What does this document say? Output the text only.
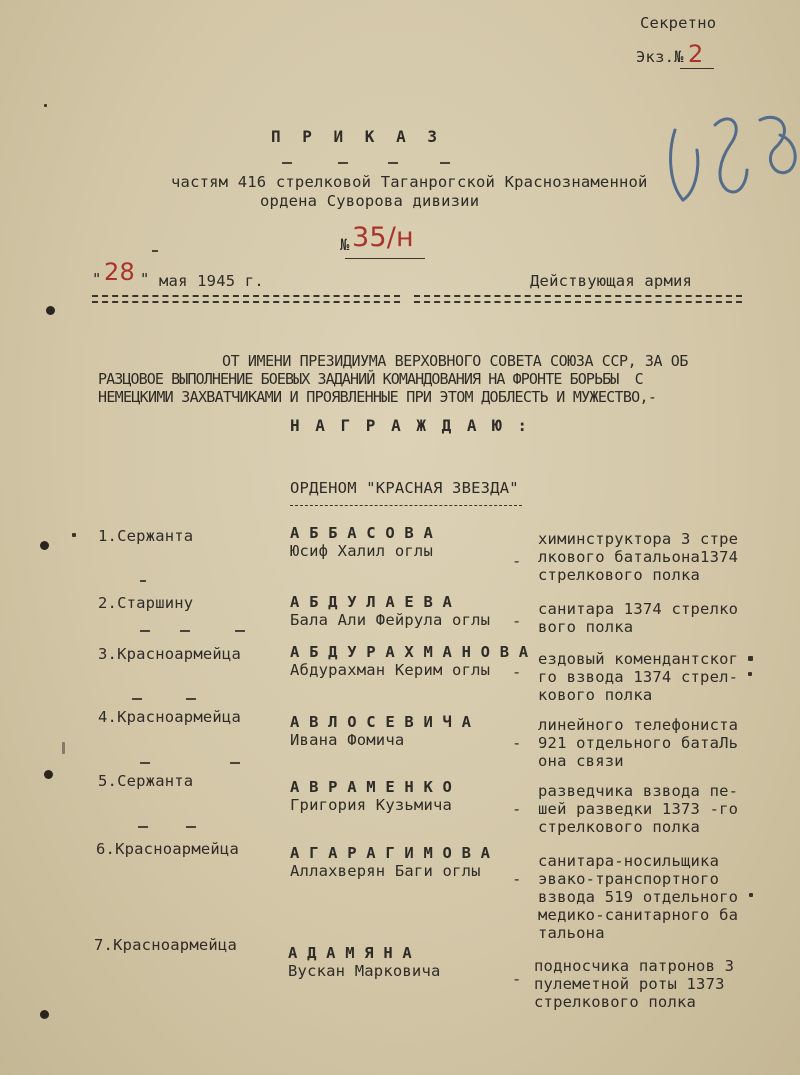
Секретно
Экз.№ 2
328
П Р И К А З
частям 416 стрелковой Таганрогской Краснознаменной
ордена Суворова дивизии
№ 35/н
" 28 " мая 1945 г.	Действующая армия
ОТ ИМЕНИ ПРЕЗИДИУМА ВЕРХОВНОГО СОВЕТА СОЮЗА ССР, ЗА ОБ
РАЗЦОВОЕ ВЫПОЛНЕНИЕ БОЕВЫХ ЗАДАНИЙ КОМАНДОВАНИЯ НА ФРОНТЕ БОРЬБЫ  С
НЕМЕЦКИМИ ЗАХВАТЧИКАМИ И ПРОЯВЛЕННЫЕ ПРИ ЭТОМ ДОБЛЕСТЬ И МУЖЕСТВО,-
Н А Г Р А Ж Д А Ю :
ОРДЕНОМ "КРАСНАЯ ЗВЕЗДА"
1.Сержанта	А Б Б А С О В А
Юсиф Халил оглы
-
химинструктора 3 стре
лкового батальона1374
стрелкового полка
2.Старшину	А Б Д У Л А Е В А
Бала Али Фейрула оглы -
санитара 1374 стрелко
вого полка
3.Красноармейца	А Б Д У Р А Х М А Н О В А
Абдурахман Керим оглы -
ездовый комендантског
го взвода 1374 стрел-
кового полка
4.Красноармейца	А В Л О С Е В И Ч А
Ивана Фомича	-
линейного телефониста
921 отдельного батаЛь
она связи
5.Сержанта	А В Р А М Е Н К О
Григория Кузьмича	-
разведчика взвода пе-
шей разведки 1373 -го
стрелкового полка
6.Красноармейца	А Г А Р А Г И М О В А
Аллахверян Баги оглы -
санитара-носильщика
эвако-транспортного
взвода 519 отдельного
медико-санитарного ба
тальона
7.Красноармейца	А Д А М Я Н А
Вускан Марковича	-
подносчика патронов 3
пулеметной роты 1373
стрелкового полка
